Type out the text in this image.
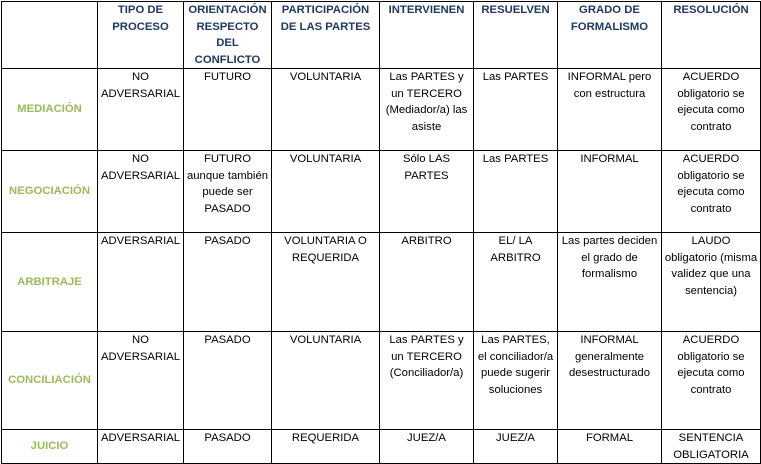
	TIPO DE PROCESO	ORIENTACIÓN RESPECTO DEL CONFLICTO	PARTICIPACIÓN DE LAS PARTES	INTERVIENEN	RESUELVEN	GRADO DE FORMALISMO	RESOLUCIÓN
MEDIACIÓN	NO ADVERSARIAL	FUTURO	VOLUNTARIA	Las PARTES y un TERCERO (Mediador/a) las asiste	Las PARTES	INFORMAL pero con estructura	ACUERDO obligatorio se ejecuta como contrato
NEGOCIACIÓN	NO ADVERSARIAL	FUTURO aunque también puede ser PASADO	VOLUNTARIA	Sólo LAS PARTES	Las PARTES	INFORMAL	ACUERDO obligatorio se ejecuta como contrato
ARBITRAJE	ADVERSARIAL	PASADO	VOLUNTARIA O REQUERIDA	ARBITRO	EL/ LA ARBITRO	Las partes deciden el grado de formalismo	LAUDO obligatorio (misma validez que una sentencia)
CONCILIACIÓN	NO ADVERSARIAL	PASADO	VOLUNTARIA	Las PARTES y un TERCERO (Conciliador/a)	Las PARTES, el conciliador/a puede sugerir soluciones	INFORMAL generalmente desestructurado	ACUERDO obligatorio se ejecuta como contrato
JUICIO	ADVERSARIAL	PASADO	REQUERIDA	JUEZ/A	JUEZ/A	FORMAL	SENTENCIA OBLIGATORIA
